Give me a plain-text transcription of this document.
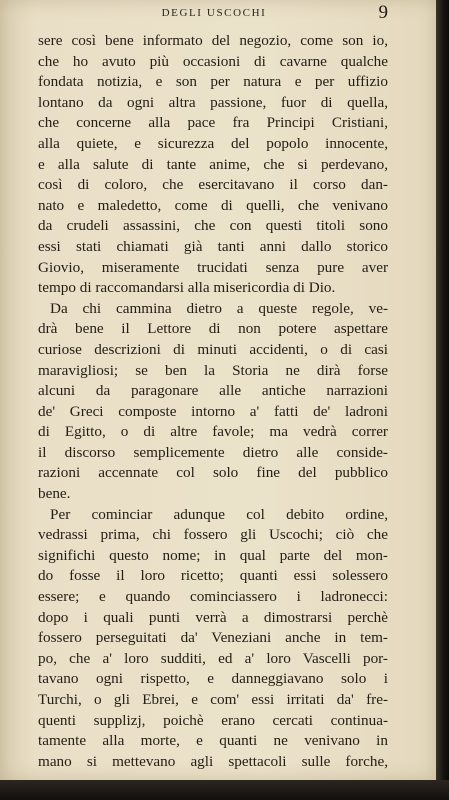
DEGLI USCOCHI	9
sere così bene informato del negozio, come son io,
che ho avuto più occasioni di cavarne qualche
fondata notizia, e son per natura e per uffizio
lontano da ogni altra passione, fuor di quella,
che concerne alla pace fra Principi Cristiani,
alla quiete, e sicurezza del popolo innocente,
e alla salute di tante anime, che si perdevano,
così di coloro, che esercitavano il corso dan-
nato e maledetto, come di quelli, che venivano
da crudeli assassini, che con questi titoli sono
essi stati chiamati già tanti anni dallo storico
Giovio, miseramente trucidati senza pure aver
tempo di raccomandarsi alla misericordia di Dio.
Da chi cammina dietro a queste regole, ve-
drà bene il Lettore di non potere aspettare
curiose descrizioni di minuti accidenti, o di casi
maravigliosi; se ben la Storia ne dirà forse
alcuni da paragonare alle antiche narrazioni
de' Greci composte intorno a' fatti de' ladroni
di Egitto, o di altre favole; ma vedrà correr
il discorso semplicemente dietro alle conside-
razioni accennate col solo fine del pubblico
bene.
Per cominciar adunque col debito ordine,
vedrassi prima, chi fossero gli Uscochi; ciò che
significhi questo nome; in qual parte del mon-
do fosse il loro ricetto; quanti essi solessero
essere; e quando cominciassero i ladronecci:
dopo i quali punti verrà a dimostrarsi perchè
fossero perseguitati da' Veneziani anche in tem-
po, che a' loro sudditi, ed a' loro Vascelli por-
tavano ogni rispetto, e danneggiavano solo i
Turchi, o gli Ebrei, e com' essi irritati da' fre-
quenti supplizj, poichè erano cercati continua-
tamente alla morte, e quanti ne venivano in
mano si mettevano agli spettacoli sulle forche,
